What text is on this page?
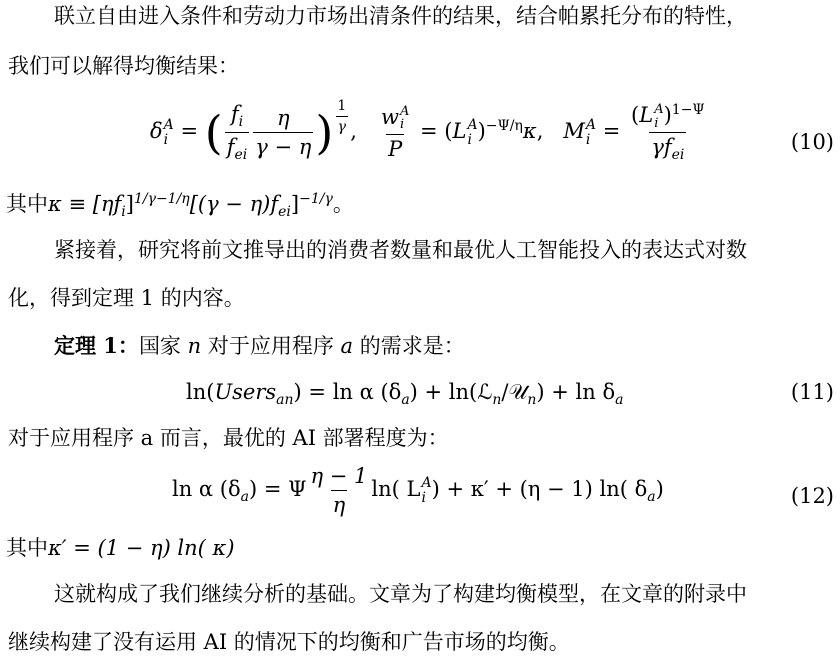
联立自由进入条件和劳动力市场出清条件的结果，结合帕累托分布的特性，
我们可以解得均衡结果：
δ A
i = ( $\frac{f_i}{f_{ei}} \frac{\eta}{\gamma - \eta}$ ) $\frac{1}{\gamma}$ , w A
i
P = (L A
i )$^{-\Psi/\eta}$κ, M A
i = (L A
i )$^{1-\Psi}$
$\gamma f_{ei}$	(10)
其中$\kappa \equiv [\eta f_i]^{1/\gamma-1/\eta}[(\gamma - \eta)f_{ei}]^{-1/\gamma}$。
紧接着，研究将前文推导出的消费者数量和最优人工智能投入的表达式对数
化，得到定理 1 的内容。
定理 1：国家 n 对于应用程序 a 的需求是：
ln(Users$_{an}$) = ln α $(\delta_a)$ + ln(ℒ$_n$/𝒰$_n$) + $\ln \delta_a$	(11)
对于应用程序 a 而言，最优的 AI 部署程度为：
ln α $(\delta_a) = \Psi \frac{\eta - 1}{\eta} \ln$( L A
i ) + κ′ + (η − 1) ln( $\delta_a$)	(12)
其中κ′ = (1 − η) ln( κ)
这就构成了我们继续分析的基础。文章为了构建均衡模型，在文章的附录中
继续构建了没有运用 AI 的情况下的均衡和广告市场的均衡。
